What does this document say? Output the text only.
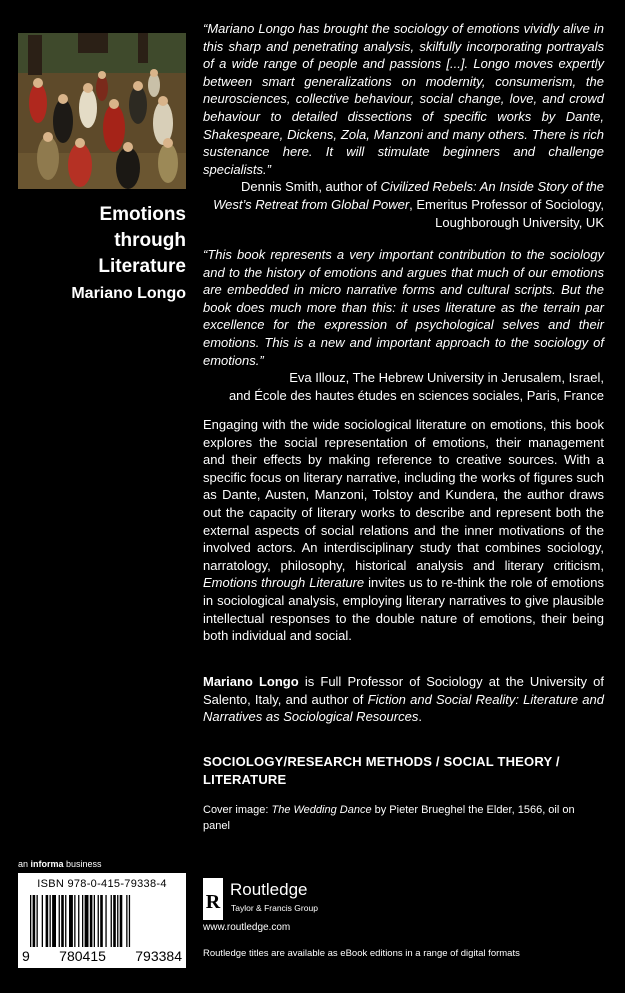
Emotions
through
Literature
Mariano Longo

“Mariano Longo has brought the sociology of emotions vividly alive in this sharp and penetrating analysis, skilfully incorporating portrayals of a wide range of people and passions [...]. Longo moves expertly between smart generalizations on modernity, consumerism, the neurosciences, collective behaviour, social change, love, and crowd behaviour to detailed dissections of specific works by Dante, Shakespeare, Dickens, Zola, Manzoni and many others. There is rich sustenance here. It will stimulate beginners and challenge specialists.”

Dennis Smith, author of Civilized Rebels: An Inside Story of the West’s Retreat from Global Power, Emeritus Professor of Sociology, Loughborough University, UK

“This book represents a very important contribution to the sociology and to the history of emotions and argues that much of our emotions are embedded in micro narrative forms and cultural scripts. But the book does much more than this: it uses literature as the terrain par excellence for the expression of psychological selves and their emotions. This is a new and important approach to the sociology of emotions.”

Eva Illouz, The Hebrew University in Jerusalem, Israel,

and École des hautes études en sciences sociales, Paris, France

Engaging with the wide sociological literature on emotions, this book explores the social representation of emotions, their management and their effects by making reference to creative sources. With a specific focus on literary narrative, including the works of figures such as Dante, Austen, Manzoni, Tolstoy and Kundera, the author draws out the capacity of literary works to describe and represent both the external aspects of social relations and the inner motivations of the involved actors. An interdisciplinary study that combines sociology, narratology, philosophy, historical analysis and literary criticism, Emotions through Literature invites us to re-think the role of emotions in sociological analysis, employing literary narratives to give plausible intellectual responses to the double nature of emotions, their being both individual and social.

Mariano Longo is Full Professor of Sociology at the University of Salento, Italy, and author of Fiction and Social Reality: Literature and Narratives as Sociological Resources.

SOCIOLOGY/RESEARCH METHODS / SOCIAL THEORY / LITERATURE
Cover image: The Wedding Dance by Pieter Brueghel the Elder, 1566, oil on panel
an informa business
ISBN 978-0-415-79338-4
9 780415 793384
R
Routledge
Taylor & Francis Group
www.routledge.com
Routledge titles are available as eBook editions in a range of digital formats
